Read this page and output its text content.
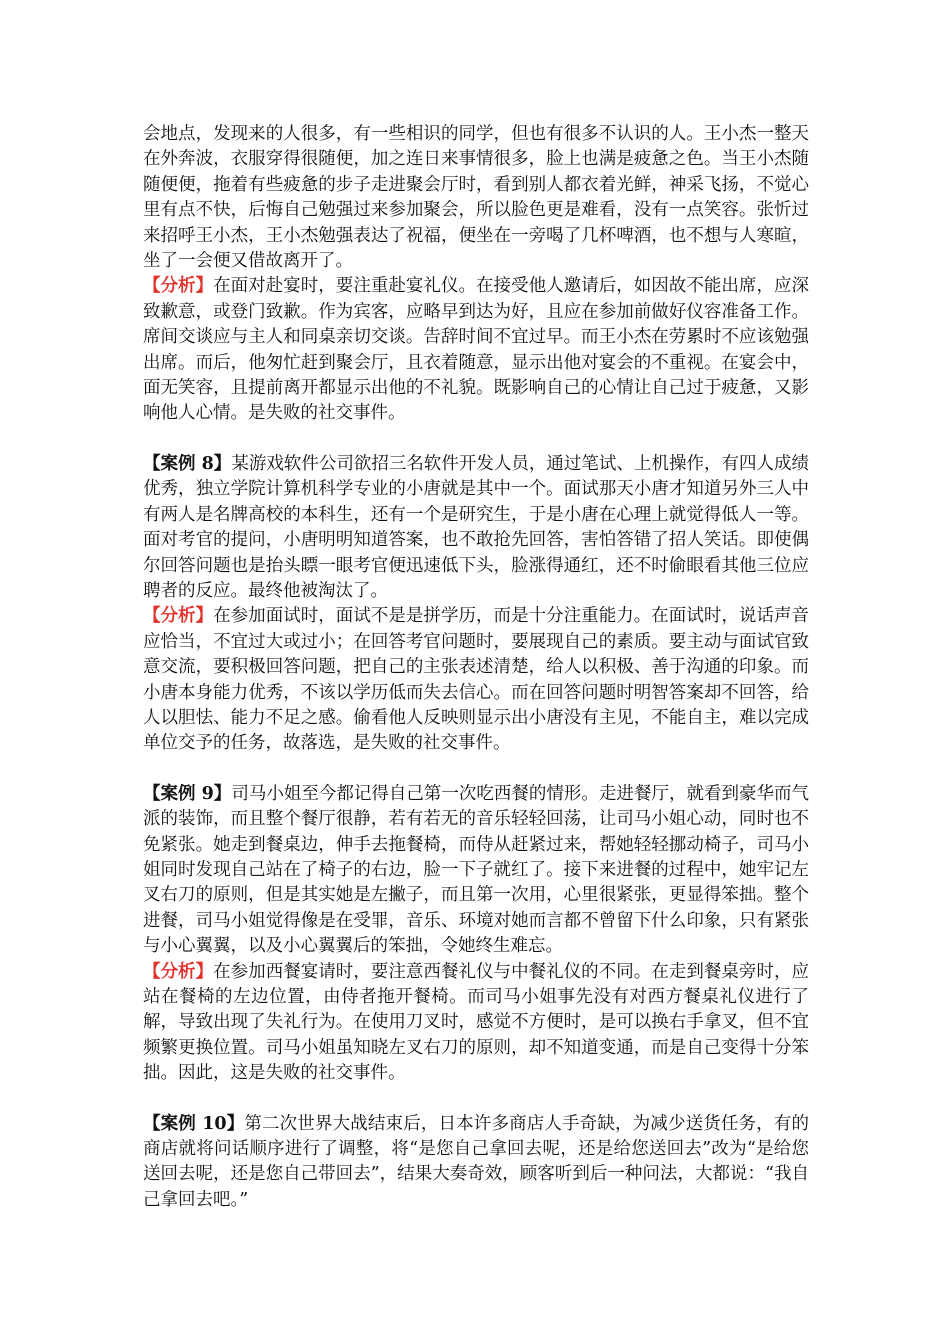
会地点，发现来的人很多，有一些相识的同学，但也有很多不认识的人。王小杰一整天在外奔波，衣服穿得很随便，加之连日来事情很多，脸上也满是疲惫之色。当王小杰随随便便，拖着有些疲惫的步子走进聚会厅时，看到别人都衣着光鲜，神采飞扬，不觉心里有点不快，后悔自己勉强过来参加聚会，所以脸色更是难看，没有一点笑容。张忻过来招呼王小杰，王小杰勉强表达了祝福，便坐在一旁喝了几杯啤酒，也不想与人寒暄，坐了一会便又借故离开了。

【分析】在面对赴宴时，要注重赴宴礼仪。在接受他人邀请后，如因故不能出席，应深致歉意，或登门致歉。作为宾客，应略早到达为好，且应在参加前做好仪容准备工作。席间交谈应与主人和同桌亲切交谈。告辞时间不宜过早。而王小杰在劳累时不应该勉强出席。而后，他匆忙赶到聚会厅，且衣着随意，显示出他对宴会的不重视。在宴会中，面无笑容，且提前离开都显示出他的不礼貌。既影响自己的心情让自己过于疲惫，又影响他人心情。是失败的社交事件。

【案例 8】某游戏软件公司欲招三名软件开发人员，通过笔试、上机操作，有四人成绩优秀，独立学院计算机科学专业的小唐就是其中一个。面试那天小唐才知道另外三人中有两人是名牌高校的本科生，还有一个是研究生，于是小唐在心理上就觉得低人一等。面对考官的提问，小唐明明知道答案，也不敢抢先回答，害怕答错了招人笑话。即使偶尔回答问题也是抬头瞟一眼考官便迅速低下头，脸涨得通红，还不时偷眼看其他三位应聘者的反应。最终他被淘汰了。

【分析】在参加面试时，面试不是是拼学历，而是十分注重能力。在面试时，说话声音应恰当，不宜过大或过小；在回答考官问题时，要展现自己的素质。要主动与面试官致意交流，要积极回答问题，把自己的主张表述清楚，给人以积极、善于沟通的印象。而小唐本身能力优秀，不该以学历低而失去信心。而在回答问题时明智答案却不回答，给人以胆怯、能力不足之感。偷看他人反映则显示出小唐没有主见，不能自主，难以完成单位交予的任务，故落选，是失败的社交事件。

【案例 9】司马小姐至今都记得自己第一次吃西餐的情形。走进餐厅，就看到豪华而气派的装饰，而且整个餐厅很静，若有若无的音乐轻轻回荡，让司马小姐心动，同时也不免紧张。她走到餐桌边，伸手去拖餐椅，而侍从赶紧过来，帮她轻轻挪动椅子，司马小姐同时发现自己站在了椅子的右边，脸一下子就红了。接下来进餐的过程中，她牢记左叉右刀的原则，但是其实她是左撇子，而且第一次用，心里很紧张，更显得笨拙。整个进餐，司马小姐觉得像是在受罪，音乐、环境对她而言都不曾留下什么印象，只有紧张与小心翼翼，以及小心翼翼后的笨拙，令她终生难忘。

【分析】在参加西餐宴请时，要注意西餐礼仪与中餐礼仪的不同。在走到餐桌旁时，应站在餐椅的左边位置，由侍者拖开餐椅。而司马小姐事先没有对西方餐桌礼仪进行了解，导致出现了失礼行为。在使用刀叉时，感觉不方便时，是可以换右手拿叉，但不宜频繁更换位置。司马小姐虽知晓左叉右刀的原则，却不知道变通，而是自己变得十分笨拙。因此，这是失败的社交事件。

【案例 10】第二次世界大战结束后，日本许多商店人手奇缺，为减少送货任务，有的商店就将问话顺序进行了调整，将“是您自己拿回去呢，还是给您送回去”改为“是给您送回去呢，还是您自己带回去”，结果大奏奇效，顾客听到后一种问法，大都说：“我自己拿回去吧。”
